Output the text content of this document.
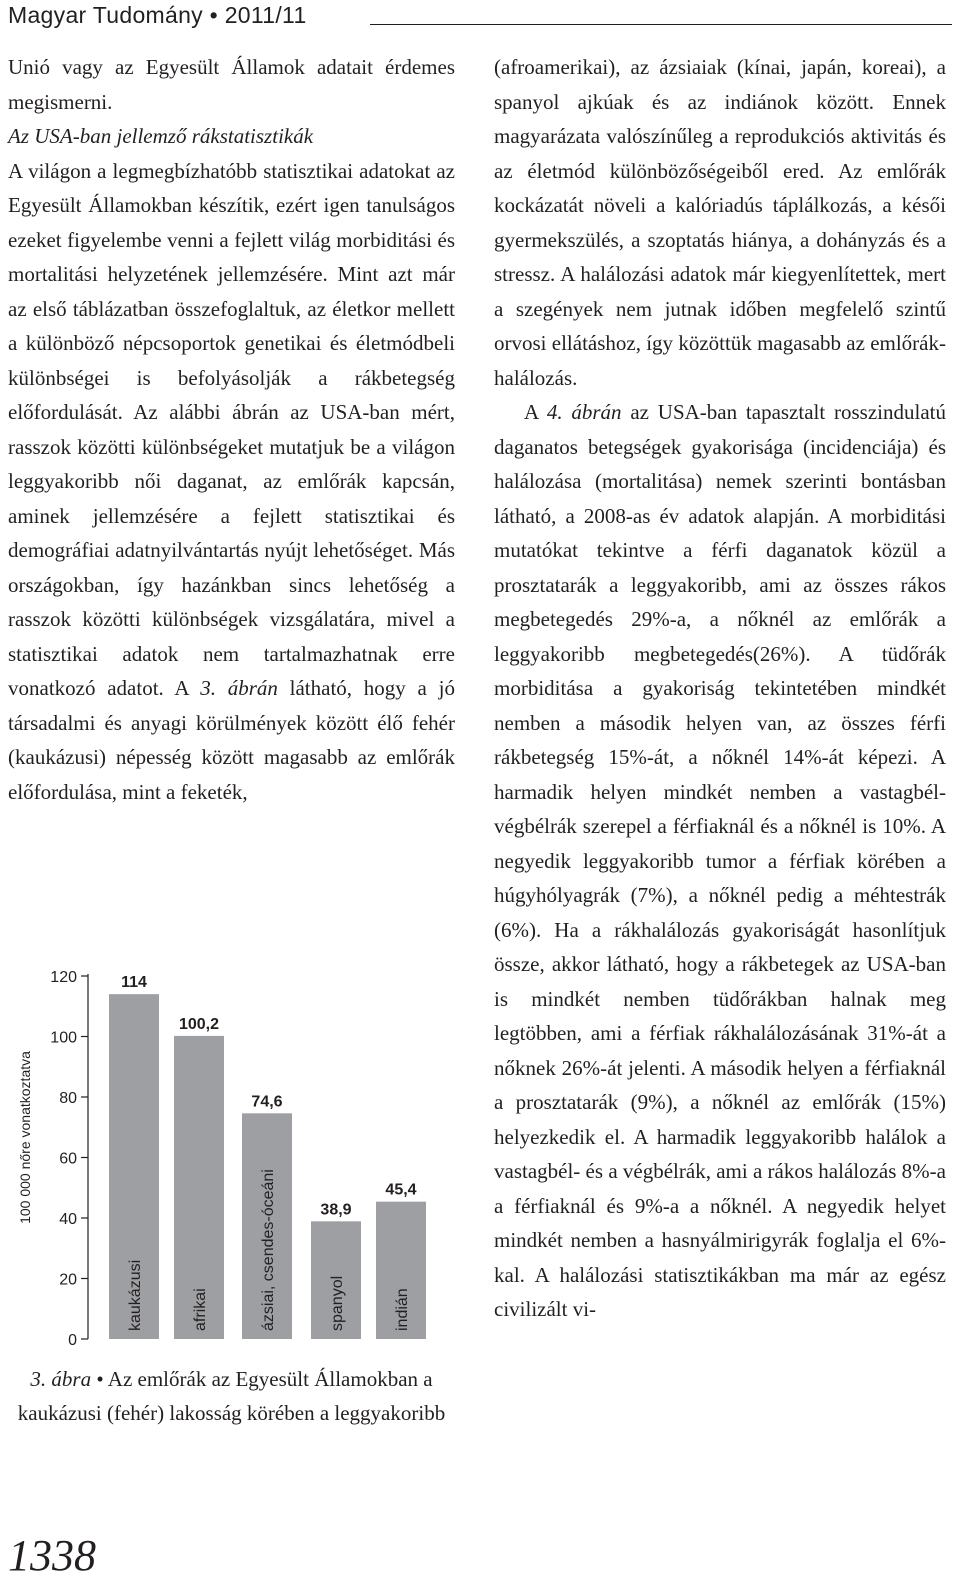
Magyar Tudomány • 2011/11

Unió vagy az Egyesült Államok adatait érdemes megismerni.

Az USA-ban jellemző rákstatisztikák

A világon a legmegbízhatóbb statisztikai adatokat az Egyesült Államokban készítik, ezért igen tanulságos ezeket figyelembe venni a fejlett világ morbiditási és mortalitási helyzetének jellemzésére. Mint azt már az első táblázatban összefoglaltuk, az életkor mellett a különböző népcsoportok genetikai és életmódbeli különbségei is befolyásolják a rákbetegség előfordulását. Az alábbi ábrán az USA-ban mért, rasszok közötti különbségeket mutatjuk be a világon leggyakoribb női daganat, az emlőrák kapcsán, aminek jellemzésére a fejlett statisztikai és demográfiai adatnyilvántartás nyújt lehetőséget. Más országokban, így hazánkban sincs lehetőség a rasszok közötti különbségek vizsgálatára, mivel a statisztikai adatok nem tartalmazhatnak erre vonatkozó adatot. A 3. ábrán látható, hogy a jó társadalmi és anyagi körülmények között élő fehér (kaukázusi) népesség között magasabb az emlőrák előfordulása, mint a feketék,

(afroamerikai), az ázsiaiak (kínai, japán, koreai), a spanyol ajkúak és az indiánok között. Ennek magyarázata valószínűleg a reprodukciós aktivitás és az életmód különbözőségeiből ered. Az emlőrák kockázatát növeli a kalóriadús táplálkozás, a késői gyermekszülés, a szoptatás hiánya, a dohányzás és a stressz. A halálozási adatok már kiegyenlítettek, mert a szegények nem jutnak időben megfelelő szintű orvosi ellátáshoz, így közöttük magasabb az emlőrák-halálozás.

A 4. ábrán az USA-ban tapasztalt rosszindulatú daganatos betegségek gyakorisága (incidenciája) és halálozása (mortalitása) nemek szerinti bontásban látható, a 2008-as év adatok alapján. A morbiditási mutatókat tekintve a férfi daganatok közül a prosztatarák a leggyakoribb, ami az összes rákos megbetegedés 29%-a, a nőknél az emlőrák a leggyakoribb megbetegedés(26%). A tüdőrák morbiditása a gyakoriság tekintetében mindkét nemben a második helyen van, az összes férfi rákbetegség 15%-át, a nőknél 14%-át képezi. A harmadik helyen mindkét nemben a vastagbél-végbélrák szerepel a férfiaknál és a nőknél is 10%. A negyedik leggyakoribb tumor a férfiak körében a húgyhólyagrák (7%), a nőknél pedig a méhtestrák (6%). Ha a rákhalálozás gyakoriságát hasonlítjuk össze, akkor látható, hogy a rákbetegek az USA-ban is mindkét nemben tüdőrákban halnak meg legtöbben, ami a férfiak rákhalálozásának 31%-át a nőknek 26%-át jelenti. A második helyen a férfiaknál a prosztatarák (9%), a nőknél az emlőrák (15%) helyezkedik el. A harmadik leggyakoribb halálok a vastagbél- és a végbélrák, ami a rákos halálozás 8%-a a férfiaknál és 9%-a a nőknél. A negyedik helyet mindkét nemben a hasnyálmirigyrák foglalja el 6%-kal. A halálozási statisztikákban ma már az egész civilizált vi-

0
20
40
60
80
100
120
100 000 nőre vonatkoztatva
114
kaukázusi
100,2
afrikai
74,6
ázsiai, csendes-óceáni	38,9
spanyol
45,4
indián
3. ábra • Az emlőrák az Egyesült Államokban a kaukázusi (fehér) lakosság körében a leggyakoribb
1338
